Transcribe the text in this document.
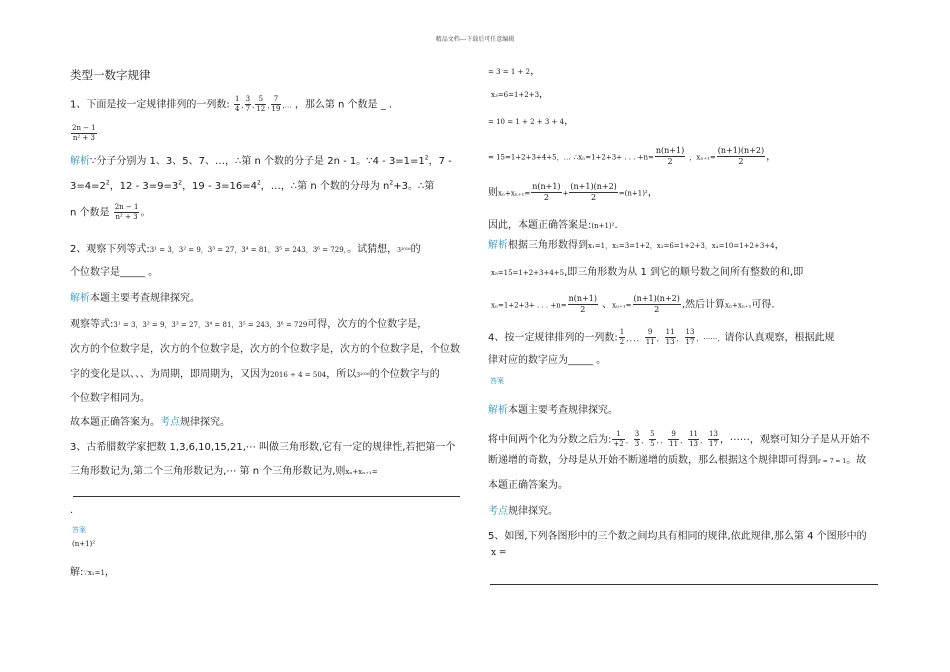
精品文档---下载后可任意编辑
类型一数字规律
1、下面是按一定规律排列的一列数: $\frac{1}{4}$ , $\frac{3}{7}$ , $\frac{5}{12}$ , $\frac{7}{19}$ ,… ，那么第 n 个数是 _ .
$\frac{2n - 1}{\text{n² + 3}}$
解析∵分子分别为 1、3、5、7、…，∴第 n 个数的分子是 2n - 1。∵4 - $3=1=1^2$，7 -
$3=4=2^2$，$12 - 3=9=3^2$，$19 - 3=16=4^2$，…，∴第 n 个数的分母为 $n^2+3$。∴第
n 个数是 $\frac{2n - 1}{\text{n² + 3}}$ 。
2、观察下列等式:3¹ = 3，3² = 9，3³ = 27，3⁴ = 81，3⁵ = 243，3⁶ = 729，。试猜想，3²⁰¹⁶的
个位数字是_____ 。
解析本题主要考查规律探究。
观察等式:3¹ = 3，3² = 9，3³ = 27，3⁴ = 81，3⁵ = 243，3⁶ = 729可得，次方的个位数字是，
次方的个位数字是，次方的个位数字是，次方的个位数字是，次方的个位数字是，个位数
字的变化是以、、、为周期，即周期为，又因为2016 ÷ 4 = 504，所以3²⁰¹⁶的个位数字与的
个位数字相同为。
故本题正确答案为。考点规律探究。
3、古希腊数学家把数 1,3,6,10,15,21,⋯ 叫做三角形数,它有一定的规律性,若把第一个
三角形数记为,第二个三角形数记为,⋯ 第 n 个三角形数记为,则xₙ+xₙ₊₁=
.
答案
(n+1)²
解:∵x₁=1，
= 3 = 1 + 2，
x₃=6=1+2+3，
= 10 = 1 + 2 + 3 + 4，
= 15=1+2+3+4+5，… ∴xₙ=1+2+3+ . . . $+n= \frac{n(n+1)}{2}$ ，$x_{n+1}= \frac{(n+1)(n+2)}{2}$ ，
则$x_n+x_{n+1}= \frac{n(n+1)}{2} + \frac{(n+1)(n+2)}{2} =(n+1)^2$，
因此，本题正确答案是:(n+1)².
解析根据三角形数得到x₁=1，x₂=3=1+2，x₃=6=1+2+3，x₄=10=1+2+3+4，
x₅=15=1+2+3+4+5,即三角形数为从 1 到它的顺号数之间所有整数的和,即
xₙ=1+2+3+ . . . $+n= \frac{n(n+1)}{2}$ 、$x_{n+1}= \frac{(n+1)(n+2)}{2}$ ,然后计算xₙ+xₙ₊₁可得.
4、按一定规律排列的一列数: $\frac{1}{2}$ ，，，， $\frac{9}{11}$ ， $\frac{11}{13}$ ， $\frac{13}{17}$ ，⋯⋯，请你认真观察，根据此规
律对应的数字应为_____ 。
答案
解析本题主要考查规律探究。
将中间两个化为分数之后为: $\frac{1}{+2}$ ， $\frac{3}{3}$ ， $\frac{5}{5}$ ，， $\frac{9}{11}$ ， $\frac{11}{13}$ ， $\frac{13}{17}$ ，⋯⋯，观察可知分子是从开始不
断递增的奇数，分母是从开始不断递增的质数，那么根据这个规律即可得到r = 7 = 1。故
本题正确答案为。
考点规律探究。
5、如图,下列各图形中的三个数之间均具有相同的规律,依此规律,那么第 4 个图形中的
x =
